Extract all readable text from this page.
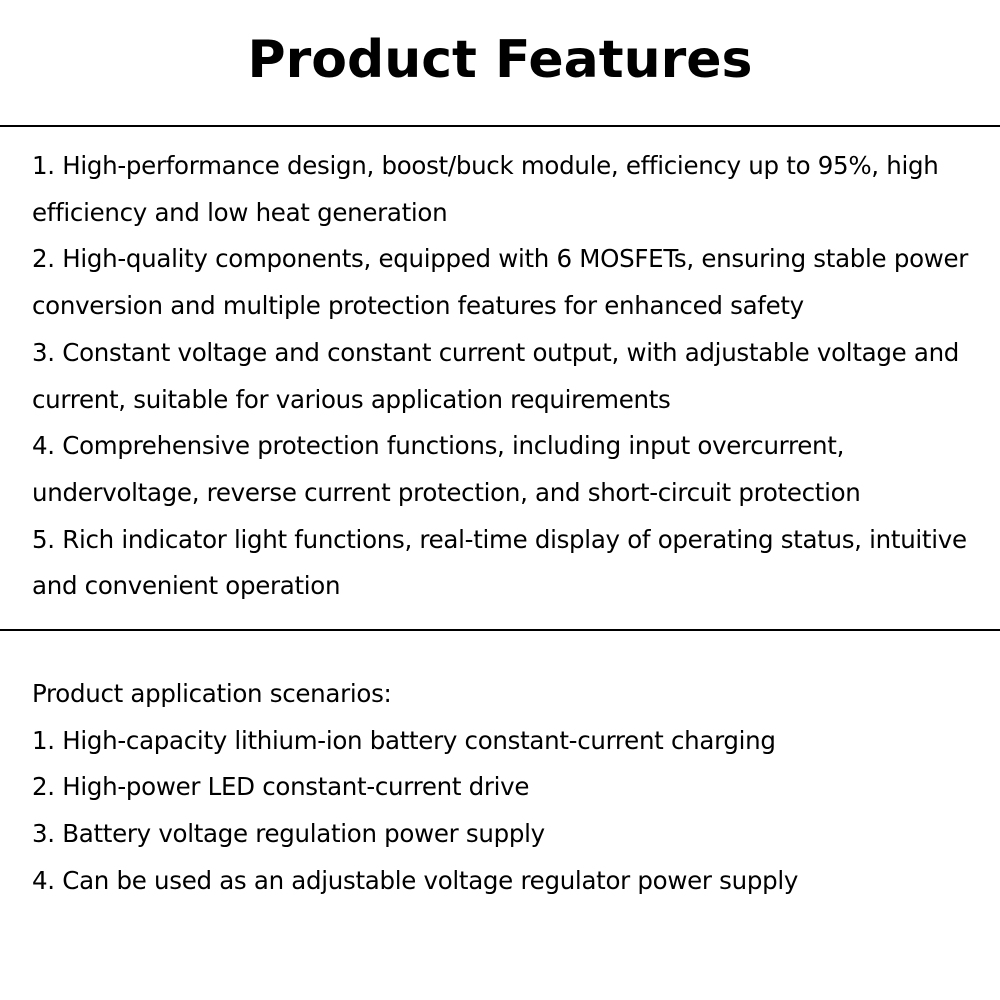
Product Features
1. High-performance design, boost/buck module, efficiency up to 95%, high efficiency and low heat generation
2. High-quality components, equipped with 6 MOSFETs, ensuring stable power conversion and multiple protection features for enhanced safety
3. Constant voltage and constant current output, with adjustable voltage and current, suitable for various application requirements
4. Comprehensive protection functions, including input overcurrent, undervoltage, reverse current protection, and short-circuit protection
5. Rich indicator light functions, real-time display of operating status, intuitive and convenient operation

Product application scenarios:

1. High-capacity lithium-ion battery constant-current charging
2. High-power LED constant-current drive
3. Battery voltage regulation power supply
4. Can be used as an adjustable voltage regulator power supply
